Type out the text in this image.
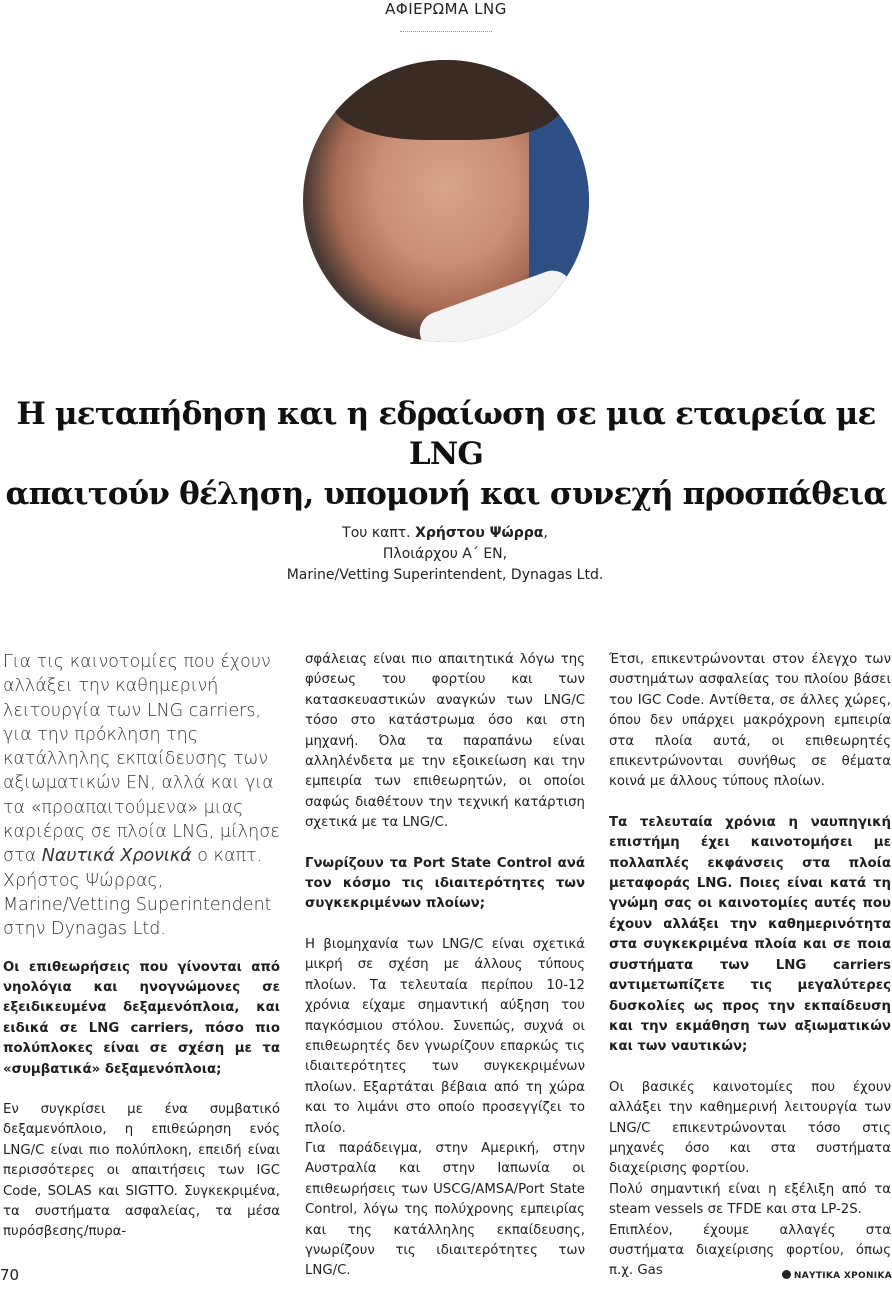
ΑΦΙΕΡΩΜΑ LNG
Η μεταπήδηση και η εδραίωση σε μια εταιρεία με LNG
απαιτούν θέληση, υπομονή και συνεχή προσπάθεια
Του καπτ. Χρήστου Ψώρρα,
Πλοιάρχου Α΄ ΕΝ,
Marine/Vetting Superintendent, Dynagas Ltd.

Για τις καινοτομίες που έχουν αλλάξει την καθημερινή λειτουργία των LNG carriers, για την πρόκληση της κατάλληλης εκπαίδευσης των αξιωματικών ΕΝ, αλλά και για τα «προαπαιτούμενα» μιας καριέρας σε πλοία LNG, μίλησε στα Ναυτικά Χρονικά ο καπτ. Χρήστος Ψώρρας, Marine/Vetting Superintendent στην Dynagas Ltd.

Οι επιθεωρήσεις που γίνονται από νηολόγια και ηνογνώμονες σε εξειδικευμένα δεξαμενόπλοια, και ειδικά σε LNG carriers, πόσο πιο πολύπλοκες είναι σε σχέση με τα «συμβατικά» δεξαμενόπλοια;

Εν συγκρίσει με ένα συμβατικό δεξαμενόπλοιο, η επιθεώρηση ενός LNG/C είναι πιο πολύπλοκη, επειδή είναι περισσότερες οι απαιτήσεις των IGC Code, SOLAS και SIGTTO. Συγκεκριμένα, τα συστήματα ασφαλείας, τα μέσα πυρόσβεσης/πυρα-

σφάλειας είναι πιο απαιτητικά λόγω της φύσεως του φορτίου και των κατασκευαστικών αναγκών των LNG/C τόσο στο κατάστρωμα όσο και στη μηχανή. Όλα τα παραπάνω είναι αλληλένδετα με την εξοικείωση και την εμπειρία των επιθεωρητών, οι οποίοι σαφώς διαθέτουν την τεχνική κατάρτιση σχετικά με τα LNG/C.

Γνωρίζουν τα Port State Control ανά τον κόσμο τις ιδιαιτερότητες των συγκεκριμένων πλοίων;

Η βιομηχανία των LNG/C είναι σχετικά μικρή σε σχέση με άλλους τύπους πλοίων. Τα τελευταία περίπου 10-12 χρόνια είχαμε σημαντική αύξηση του παγκόσμιου στόλου. Συνεπώς, συχνά οι επιθεωρητές δεν γνωρίζουν επαρκώς τις ιδιαιτερότητες των συγκεκριμένων πλοίων. Εξαρτάται βέβαια από τη χώρα και το λιμάνι στο οποίο προσεγγίζει το πλοίο.

Για παράδειγμα, στην Αμερική, στην Αυστραλία και στην Ιαπωνία οι επιθεωρήσεις των USCG/AMSA/Port State Control, λόγω της πολύχρονης εμπειρίας και της κατάλληλης εκπαίδευσης, γνωρίζουν τις ιδιαιτερότητες των LNG/C.

Έτσι, επικεντρώνονται στον έλεγχο των συστημάτων ασφαλείας του πλοίου βάσει του IGC Code. Αντίθετα, σε άλλες χώρες, όπου δεν υπάρχει μακρόχρονη εμπειρία στα πλοία αυτά, οι επιθεωρητές επικεντρώνονται συνήθως σε θέματα κοινά με άλλους τύπους πλοίων.

Τα τελευταία χρόνια η ναυπηγική επιστήμη έχει καινοτομήσει με πολλαπλές εκφάνσεις στα πλοία μεταφοράς LNG. Ποιες είναι κατά τη γνώμη σας οι καινοτομίες αυτές που έχουν αλλάξει την καθημερινότητα στα συγκεκριμένα πλοία και σε ποια συστήματα των LNG carriers αντιμετωπίζετε τις μεγαλύτερες δυσκολίες ως προς την εκπαίδευση και την εκμάθηση των αξιωματικών και των ναυτικών;

Οι βασικές καινοτομίες που έχουν αλλάξει την καθημερινή λειτουργία των LNG/C επικεντρώνονται τόσο στις μηχανές όσο και στα συστήματα διαχείρισης φορτίου.

Πολύ σημαντική είναι η εξέλιξη από τα steam vessels σε TFDE και στα LP-2S.

Επιπλέον, έχουμε αλλαγές στα συστήματα διαχείρισης φορτίου, όπως π.χ. Gas

70	ΝΑΥΤΙΚΑ ΧΡΟΝΙΚΑ
